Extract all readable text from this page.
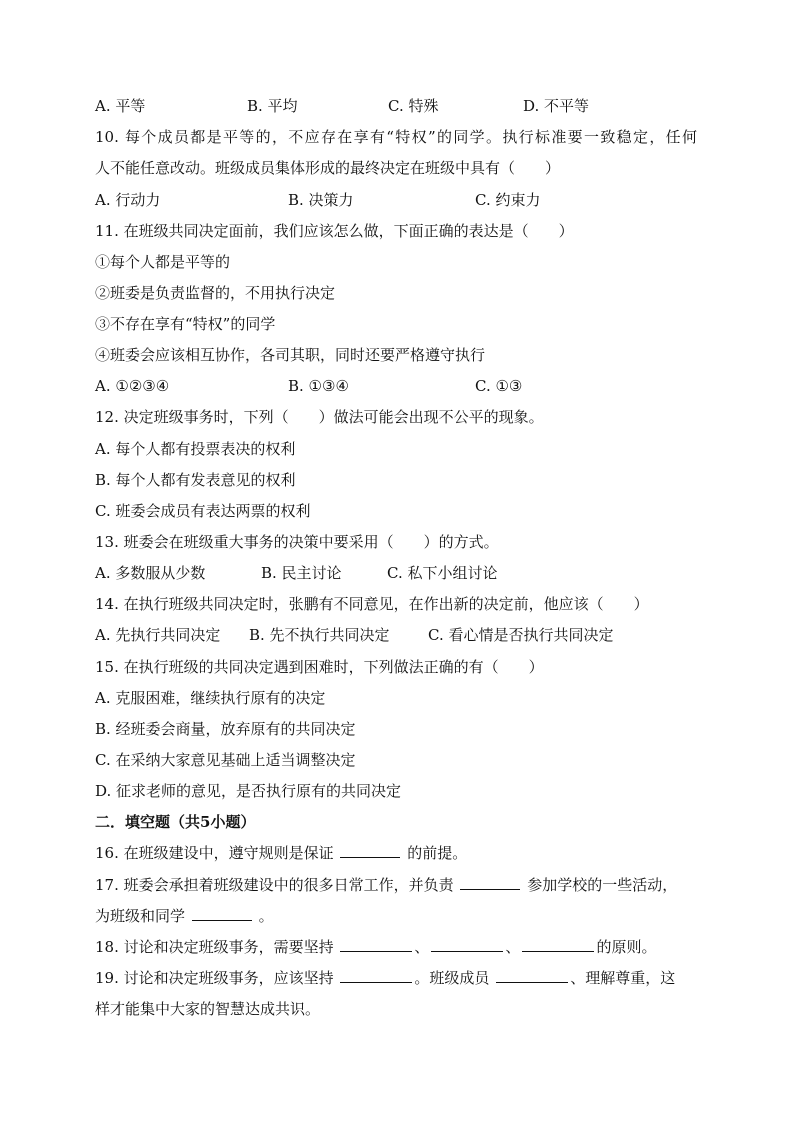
A. 平等	B. 平均	C. 特殊	D. 不平等
10. 每个成员都是平等的，不应存在享有“特权”的同学。执行标准要一致稳定，任何
人不能任意改动。班级成员集体形成的最终决定在班级中具有（　　）
A. 行动力	B. 决策力	C. 约束力
11. 在班级共同决定面前，我们应该怎么做，下面正确的表达是（　　）
①每个人都是平等的
②班委是负责监督的，不用执行决定
③不存在享有“特权”的同学
④班委会应该相互协作，各司其职，同时还要严格遵守执行
A. ①②③④	B. ①③④	C. ①③
12. 决定班级事务时，下列（　　）做法可能会出现不公平的现象。
A. 每个人都有投票表决的权利
B. 每个人都有发表意见的权利
C. 班委会成员有表达两票的权利
13. 班委会在班级重大事务的决策中要采用（　　）的方式。
A. 多数服从少数	B. 民主讨论	C. 私下小组讨论
14. 在执行班级共同决定时，张鹏有不同意见，在作出新的决定前，他应该（　　）
A. 先执行共同决定 B. 先不执行共同决定	C. 看心情是否执行共同决定
15. 在执行班级的共同决定遇到困难时，下列做法正确的有（　　）
A. 克服困难，继续执行原有的决定
B. 经班委会商量，放弃原有的共同决定
C. 在采纳大家意见基础上适当调整决定
D. 征求老师的意见，是否执行原有的共同决定
二．填空题（共5小题）
16. 在班级建设中，遵守规则是保证	的前提。
17. 班委会承担着班级建设中的很多日常工作，并负责	参加学校的一些活动，
为班级和同学	。
18. 讨论和决定班级事务，需要坚持	、	、	的原则。
19. 讨论和决定班级事务，应该坚持	。班级成员	、理解尊重，这
样才能集中大家的智慧达成共识。
